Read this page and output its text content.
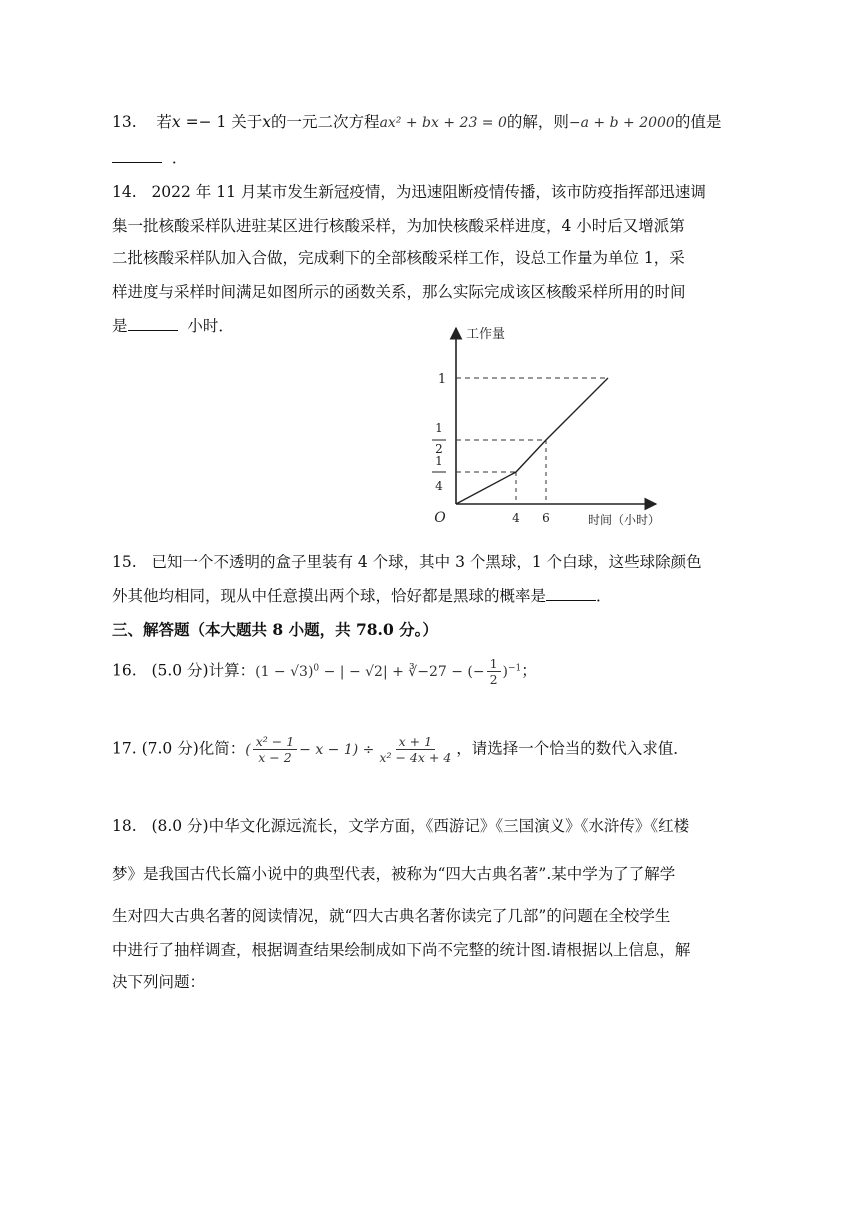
13. 若x =− 1 关于x的一元二次方程ax² + bx + 23 = 0的解，则−a + b + 2000的值是
．
14. 2022 年 11 月某市发生新冠疫情，为迅速阻断疫情传播，该市防疫指挥部迅速调
集一批核酸采样队进驻某区进行核酸采样，为加快核酸采样进度，4 小时后又增派第
二批核酸采样队加入合做，完成剩下的全部核酸采样工作，设总工作量为单位 1，采
样进度与采样时间满足如图所示的函数关系，那么实际完成该区核酸采样所用的时间
是	小时．	工作量
1
1
2
1
4
O	4 6	时间（小时）
15. 已知一个不透明的盒子里装有 4 个球，其中 3 个黑球，1 个白球，这些球除颜色
外其他均相同，现从中任意摸出两个球，恰好都是黑球的概率是	．
三、解答题（本大题共 8 小题，共 78.0 分。）
16. (5.0 分)计算：$(1 - √3)^0$ − | − √2| + ∛−27 − (− $\frac{1}{2} )^{-1}$；
17. (7.0 分)化简：( $\frac{\text{x² − 1}}{x - 2} - x - 1) \div \frac{x + 1}{\text{x² − 4x + 4}}$ ，请选择一个恰当的数代入求值．
18. (8.0 分)中华文化源远流长，文学方面，《西游记》《三国演义》《水浒传》《红楼
梦》是我国古代长篇小说中的典型代表，被称为“四大古典名著”.某中学为了了解学
生对四大古典名著的阅读情况，就“四大古典名著你读完了几部”的问题在全校学生
中进行了抽样调查，根据调查结果绘制成如下尚不完整的统计图.请根据以上信息，解
决下列问题：
